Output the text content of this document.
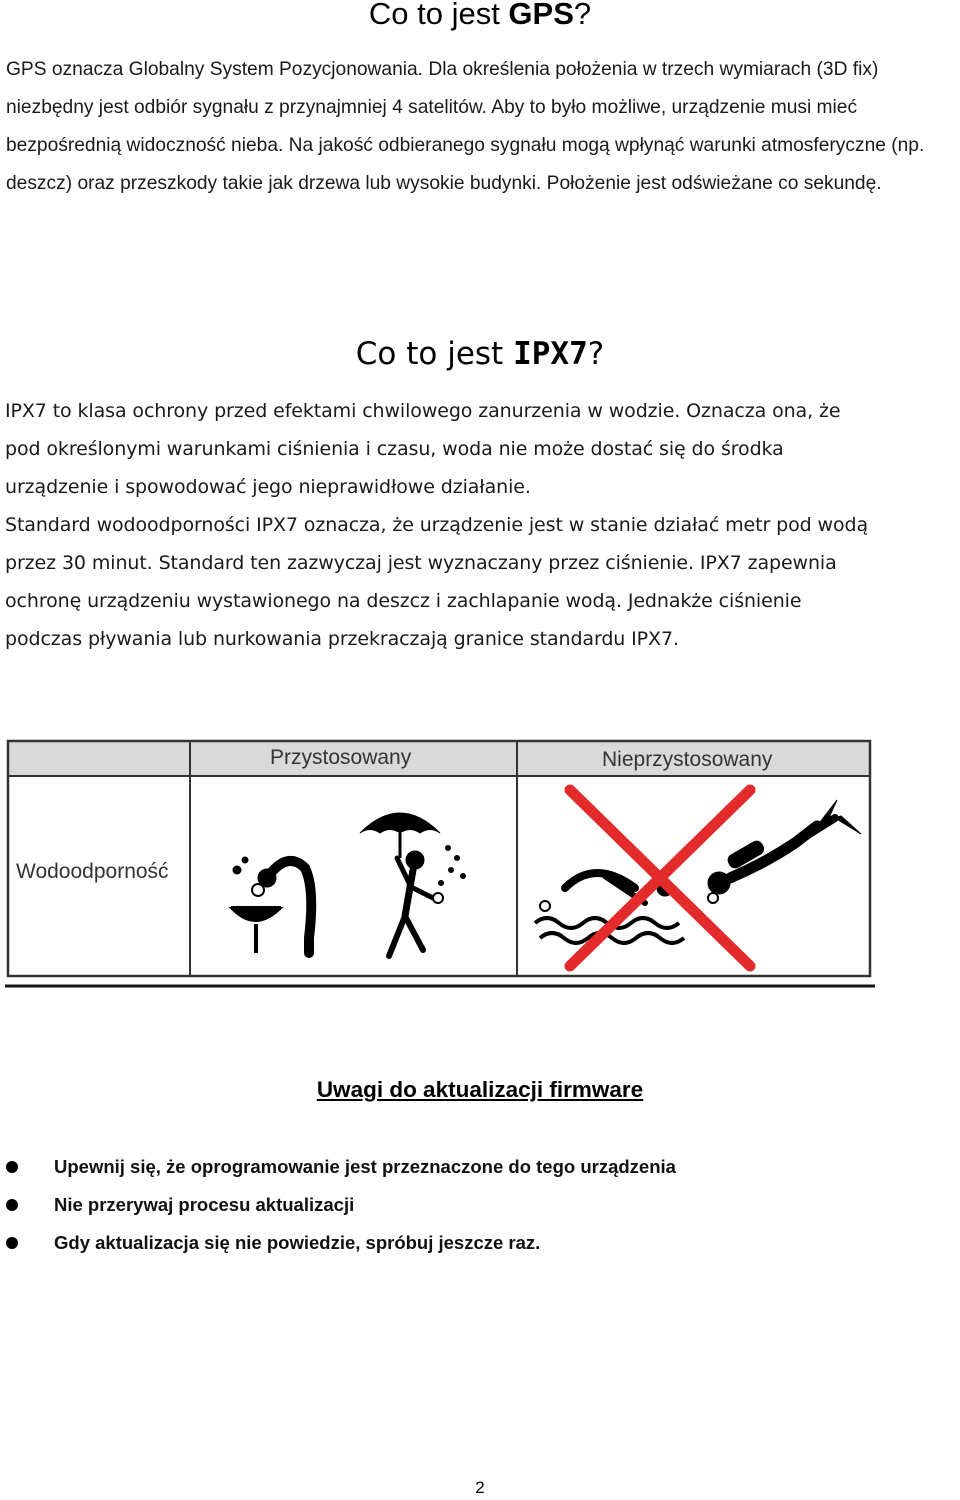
Co to jest GPS?

GPS oznacza Globalny System Pozycjonowania. Dla określenia położenia w trzech wymiarach (3D fix) niezbędny jest odbiór sygnału z przynajmniej 4 satelitów. Aby to było możliwe, urządzenie musi mieć bezpośrednią widoczność nieba. Na jakość odbieranego sygnału mogą wpłynąć warunki atmosferyczne (np. deszcz) oraz przeszkody takie jak drzewa lub wysokie budynki. Położenie jest odświeżane co sekundę.

Co to jest IPX7?
IPX7 to klasa ochrony przed efektami chwilowego zanurzenia w wodzie. Oznacza ona, że
pod określonymi warunkami ciśnienia i czasu, woda nie może dostać się do środka
urządzenie i spowodować jego nieprawidłowe działanie.
Standard wodoodporności IPX7 oznacza, że urządzenie jest w stanie działać metr pod wodą
przez 30 minut. Standard ten zazwyczaj jest wyznaczany przez ciśnienie. IPX7 zapewnia
ochronę urządzeniu wystawionego na deszcz i zachlapanie wodą. Jednakże ciśnienie
podczas pływania lub nurkowania przekraczają granice standardu IPX7.
Przystosowany	Nieprzystosowany
Wodoodporność
Uwagi do aktualizacji firmware
Upewnij się, że oprogramowanie jest przeznaczone do tego urządzenia
Nie przerywaj procesu aktualizacji
Gdy aktualizacja się nie powiedzie, spróbuj jeszcze raz.
2
